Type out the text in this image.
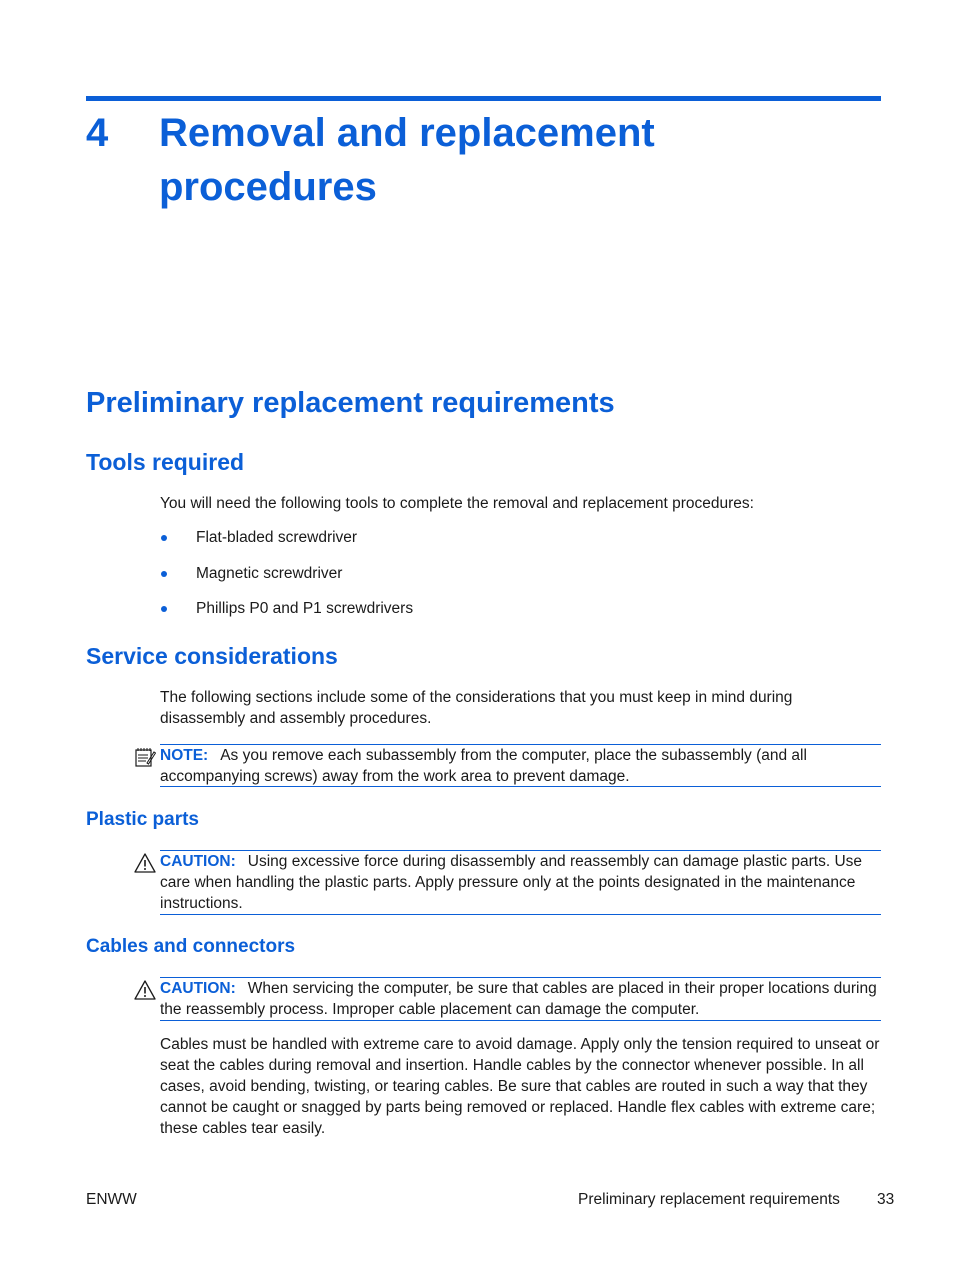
4 Removal and replacement procedures
Preliminary replacement requirements
Tools required

You will need the following tools to complete the removal and replacement procedures:

Flat-bladed screwdriver
Magnetic screwdriver
Phillips P0 and P1 screwdrivers
Service considerations

The following sections include some of the considerations that you must keep in mind during disassembly and assembly procedures.

NOTE: As you remove each subassembly from the computer, place the subassembly (and all accompanying screws) away from the work area to prevent damage.
Plastic parts
CAUTION: Using excessive force during disassembly and reassembly can damage plastic parts. Use care when handling the plastic parts. Apply pressure only at the points designated in the maintenance instructions.
Cables and connectors
CAUTION: When servicing the computer, be sure that cables are placed in their proper locations during the reassembly process. Improper cable placement can damage the computer.

Cables must be handled with extreme care to avoid damage. Apply only the tension required to unseat or seat the cables during removal and insertion. Handle cables by the connector whenever possible. In all cases, avoid bending, twisting, or tearing cables. Be sure that cables are routed in such a way that they cannot be caught or snagged by parts being removed or replaced. Handle flex cables with extreme care; these cables tear easily.

ENWW	Preliminary replacement requirements 33
